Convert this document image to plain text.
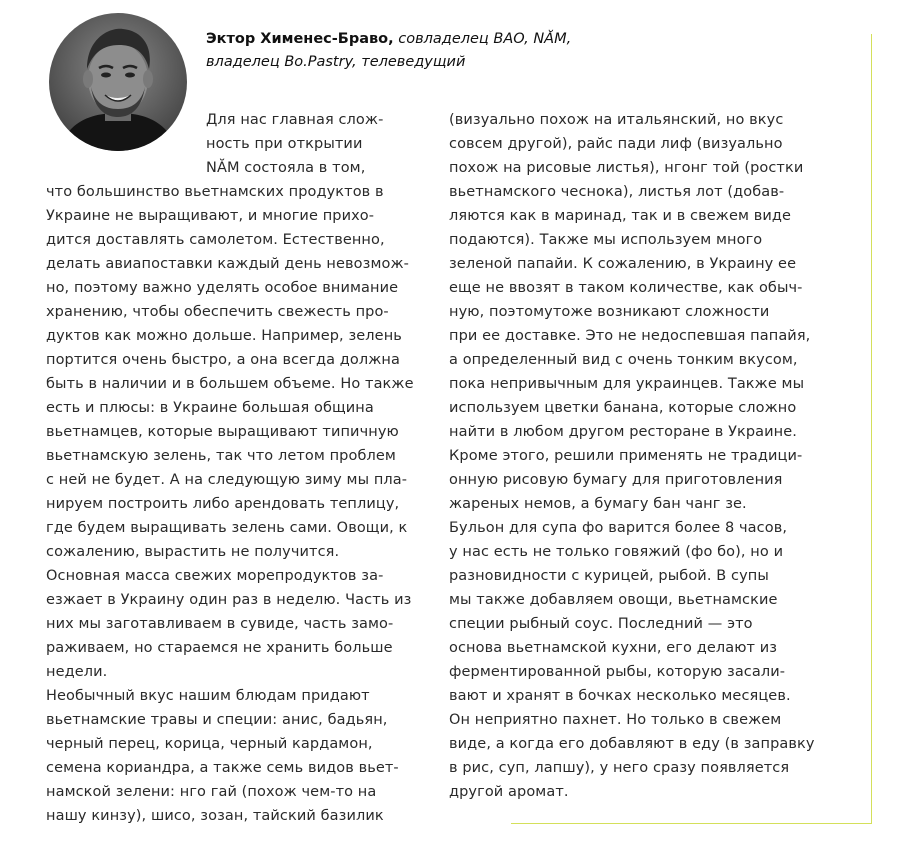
Эктор Хименес-Браво, совладелец BAO, NĂM,
владелец Bo.Pastry, телеведущий
Для нас главная слож-
ность при открытии
NĂM состояла в том,
что большинство вьетнамских продуктов в
Украине не выращивают, и многие прихо-
дится доставлять самолетом. Естественно,
делать авиапоставки каждый день невозмож-
но, поэтому важно уделять особое внимание
хранению, чтобы обеспечить свежесть про-
дуктов как можно дольше. Например, зелень
портится очень быстро, а она всегда должна
быть в наличии и в большем объеме. Но также
есть и плюсы: в Украине большая община
вьетнамцев, которые выращивают типичную
вьетнамскую зелень, так что летом проблем
с ней не будет. А на следующую зиму мы пла-
нируем построить либо арендовать теплицу,
где будем выращивать зелень сами. Овощи, к
сожалению, вырастить не получится.
Основная масса свежих морепродуктов за-
езжает в Украину один раз в неделю. Часть из
них мы заготавливаем в сувиде, часть замо-
раживаем, но стараемся не хранить больше
недели.
Необычный вкус нашим блюдам придают
вьетнамские травы и специи: анис, бадьян,
черный перец, корица, черный кардамон,
семена кориандра, а также семь видов вьет-
намской зелени: нго гай (похож чем-то на
нашу кинзу), шисо, зозан, тайский базилик
(визуально похож на итальянский, но вкус
совсем другой), райс пади лиф (визуально
похож на рисовые листья), нгонг той (ростки
вьетнамского чеснока), листья лот (добав-
ляются как в маринад, так и в свежем виде
подаются). Также мы используем много
зеленой папайи. К сожалению, в Украину ее
еще не ввозят в таком количестве, как обыч-
ную, поэтомутоже возникают сложности
при ее доставке. Это не недоспевшая папайя,
а определенный вид с очень тонким вкусом,
пока непривычным для украинцев. Также мы
используем цветки банана, которые сложно
найти в любом другом ресторане в Украине.
Кроме этого, решили применять не традици-
онную рисовую бумагу для приготовления
жареных немов, а бумагу бан чанг зе.
Бульон для супа фо варится более 8 часов,
у нас есть не только говяжий (фо бо), но и
разновидности с курицей, рыбой. В супы
мы также добавляем овощи, вьетнамские
специи рыбный соус. Последний — это
основа вьетнамской кухни, его делают из
ферментированной рыбы, которую засали-
вают и хранят в бочках несколько месяцев.
Он неприятно пахнет. Но только в свежем
виде, а когда его добавляют в еду (в заправку
в рис, суп, лапшу), у него сразу появляется
другой аромат.
